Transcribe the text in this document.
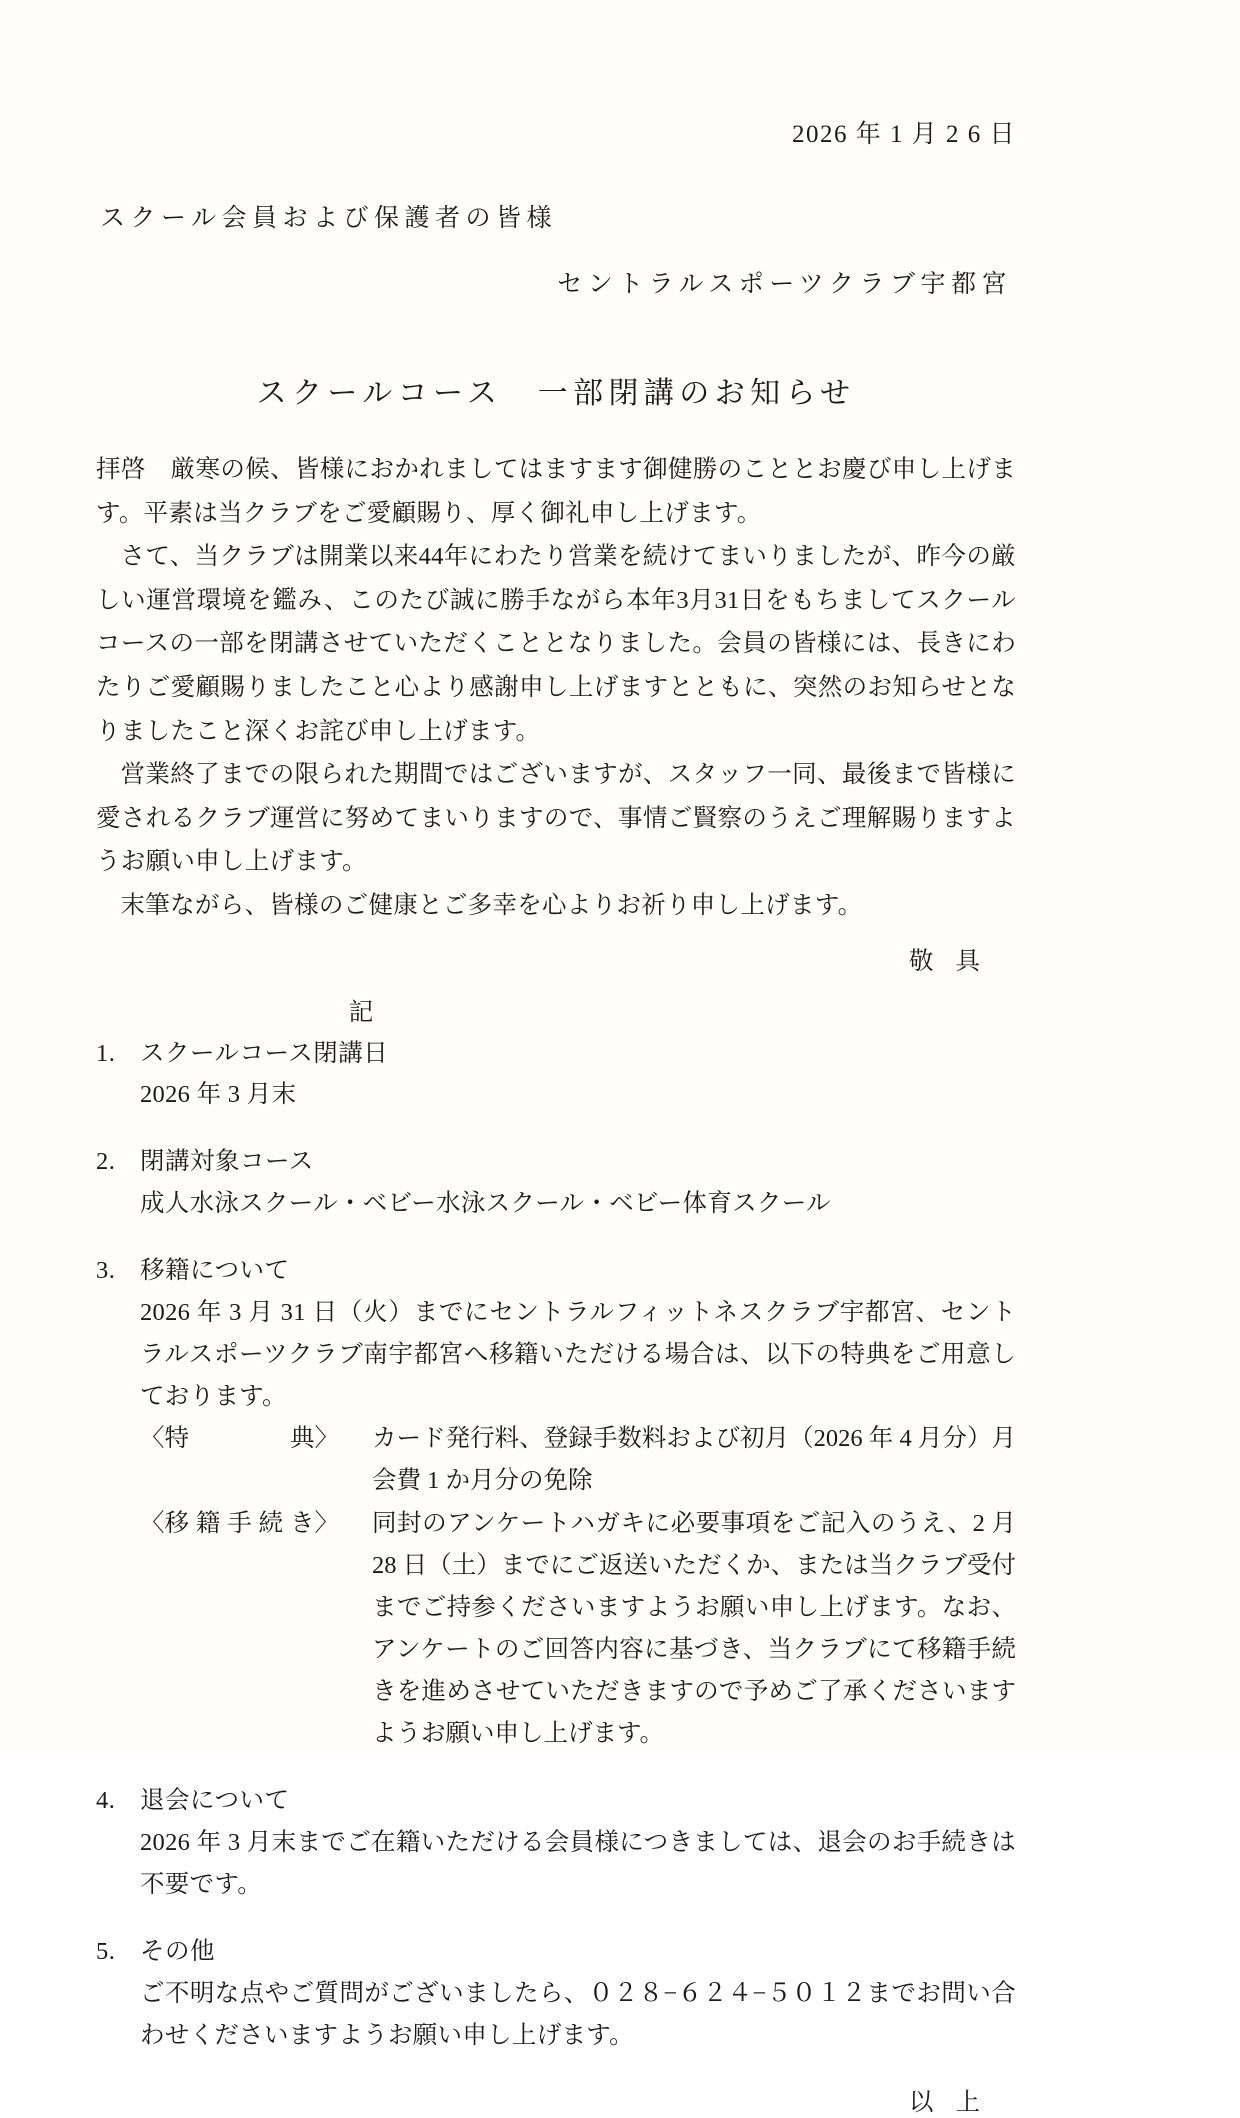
2026 年 1 月 2 6 日
スクール会員および保護者の皆様
セントラルスポーツクラブ宇都宮
スクールコース　一部閉講のお知らせ

拝啓　厳寒の候、皆様におかれましてはますます御健勝のこととお慶び申し上げます。平素は当クラブをご愛顧賜り、厚く御礼申し上げます。

さて、当クラブは開業以来44年にわたり営業を続けてまいりましたが、昨今の厳しい運営環境を鑑み、このたび誠に勝手ながら本年3月31日をもちましてスクールコースの一部を閉講させていただくこととなりました。会員の皆様には、長きにわたりご愛顧賜りましたこと心より感謝申し上げますとともに、突然のお知らせとなりましたこと深くお詫び申し上げます。

営業終了までの限られた期間ではございますが、スタッフ一同、最後まで皆様に愛されるクラブ運営に努めてまいりますので、事情ご賢察のうえご理解賜りますようお願い申し上げます。

末筆ながら、皆様のご健康とご多幸を心よりお祈り申し上げます。

敬具
記
1.	スクールコース閉講日
2026 年 3 月末
2.	閉講対象コース
成人水泳スクール・ベビー水泳スクール・ベビー体育スクール
3.	移籍について
2026 年 3 月 31 日（火）までにセントラルフィットネスクラブ宇都宮、セントラルスポーツクラブ南宇都宮へ移籍いただける場合は、以下の特典をご用意しております。
〈特典〉	カード発行料、登録手数料および初月（2026 年 4 月分）月会費 1 か月分の免除
〈移籍手続き〉	同封のアンケートハガキに必要事項をご記入のうえ、2 月 28 日（土）までにご返送いただくか、または当クラブ受付までご持参くださいますようお願い申し上げます。なお、アンケートのご回答内容に基づき、当クラブにて移籍手続きを進めさせていただきますので予めご了承くださいますようお願い申し上げます。
4.	退会について
2026 年 3 月末までご在籍いただける会員様につきましては、退会のお手続きは不要です。
5.	その他
ご不明な点やご質問がございましたら、０２８−６２４−５０１２までお問い合わせくださいますようお願い申し上げます。
以上
